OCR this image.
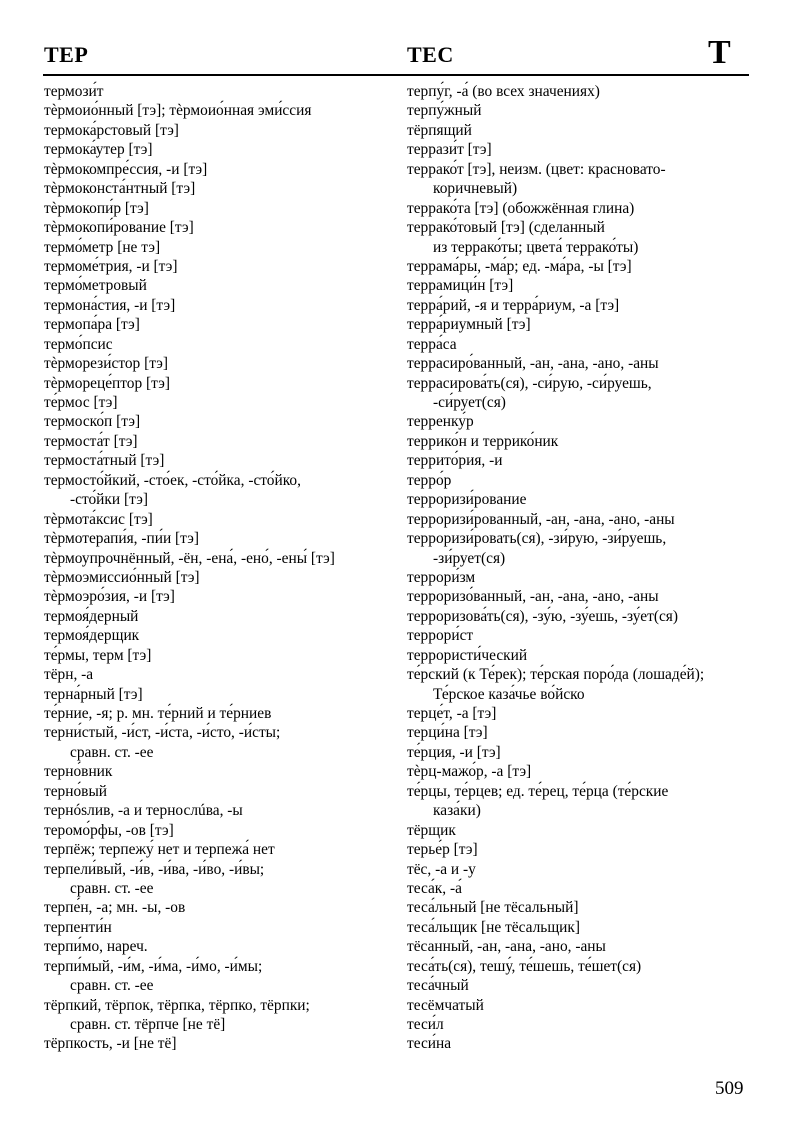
ТЕР	ТЕС	Т
термози́т
тѐрмоио́нный [тэ]; тѐрмоио́нная эми́ссия
термока́рстовый [тэ]
термока́утер [тэ]
тѐрмокомпре́ссия, -и [тэ]
тѐрмоконста́нтный [тэ]
тѐрмокопи́р [тэ]
тѐрмокопи́рование [тэ]
термо́метр [не тэ]
термоме́трия, -и [тэ]
термо́метровый
термона́стия, -и [тэ]
термопа́ра [тэ]
термо́псис
тѐрморези́стор [тэ]
тѐрмореце́птор [тэ]
те́рмос [тэ]
термоско́п [тэ]
термоста́т [тэ]
термоста́тный [тэ]
термосто́йкий, -сто́ек, -сто́йка, -сто́йко,
-сто́йки [тэ]
тѐрмота́ксис [тэ]
тѐрмотерапи́я, -пи́и [тэ]
тѐрмоупрочнённый, -ён, -ена́, -ено́, -ены́ [тэ]
тѐрмоэмиссио́нный [тэ]
тѐрмоэро́зия, -и [тэ]
термоя́дерный
термоя́дерщик
те́рмы, терм [тэ]
тёрн, -а
терна́рный [тэ]
те́рние, -я; р. мн. те́рний и те́рниев
терни́стый, -и́ст, -и́ста, -и́сто, -и́сты;
сравн. ст. -ее
терно́вник
терно́вый
тернósлив, -а и тернослúва, -ы
теромо́рфы, -ов [тэ]
терпёж; терпежу́ нет и терпежа́ нет
терпели́вый, -и́в, -и́ва, -и́во, -и́вы;
сравн. ст. -ее
терпе́н, -а; мн. -ы, -ов
терпенти́н
терпи́мо, нареч.
терпи́мый, -и́м, -и́ма, -и́мо, -и́мы;
сравн. ст. -ее
тёрпкий, тёрпок, тёрпка, тёрпко, тёрпки;
сравн. ст. тёрпче [не тё]
тёрпкость, -и [не тё]
терпу́г, -а́ (во всех значениях)
терпу́жный
тёрпящий
террази́т [тэ]
террако́т [тэ], неизм. (цвет: красновато-
коричневый)
террако́та [тэ] (обожжённая глина)
террако́товый [тэ] (сделанный
из террако́ты; цвета́ террако́ты)
террама́ры, -ма́р; ед. -ма́ра, -ы [тэ]
террамици́н [тэ]
терра́рий, -я и терра́риум, -а [тэ]
терра́риумный [тэ]
терра́са
террасиро́ванный, -ан, -ана, -ано, -аны
террасирова́ть(ся), -си́рую, -си́руешь,
-си́рует(ся)
терренку́р
террико́н и террико́ник
террито́рия, -и
терро́р
терроризи́рование
терроризи́рованный, -ан, -ана, -ано, -аны
терроризи́ровать(ся), -зи́рую, -зи́руешь,
-зи́рует(ся)
террори́зм
терроризо́ванный, -ан, -ана, -ано, -аны
терроризова́ть(ся), -зу́ю, -зу́ешь, -зу́ет(ся)
террори́ст
террористи́ческий
те́рский (к Те́рек); те́рская поро́да (лошаде́й);
Те́рское каза́чье во́йско
терце́т, -а [тэ]
терци́на [тэ]
те́рция, -и [тэ]
тѐрц-мажо́р, -а [тэ]
те́рцы, те́рцев; ед. те́рец, те́рца (те́рские
каза́ки)
тёрщик
терье́р [тэ]
тёс, -а и -у
теса́к, -а́
теса́льный [не тёсальный]
теса́льщик [не тёсальщик]
тёсанный, -ан, -ана, -ано, -аны
теса́ть(ся), тешу́, те́шешь, те́шет(ся)
теса́чный
тесёмчатый
теси́л
теси́на
509
